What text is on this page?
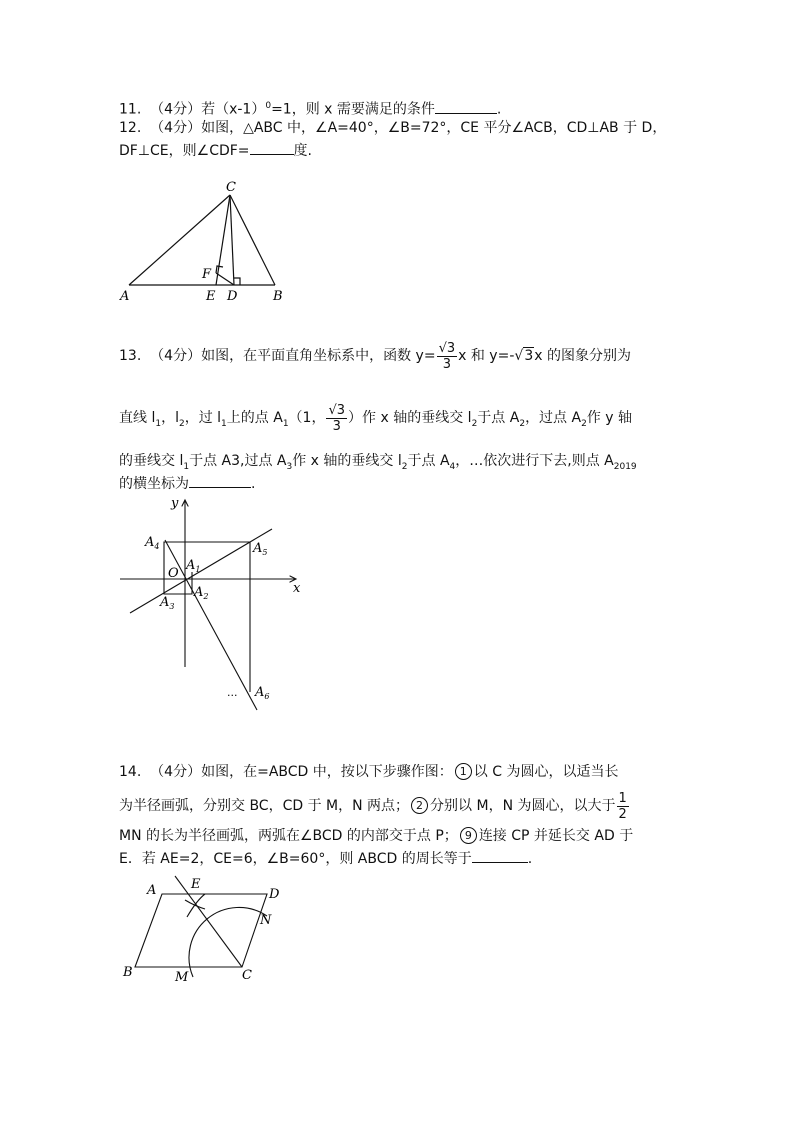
11. （4分）若$(x-1)^0=1$，则 x 需要满足的条件	.
12. （4分）如图，△ABC 中，∠A=40°，∠B=72°，CE 平分∠ACB，CD⊥AB 于 D，
DF⊥CE，则∠CDF=	度.
C
F
A	E D	B
13. （4分）如图，在平面直角坐标系中，函数 $y= \frac{√3}{3}$ x 和 y=-√3x 的图象分别为
直线 $l_1$，$l_2$，过 $l_1$上的点 $A_1(1$， $\frac{√3}{3}$ ）作 x 轴的垂线交 $l_2$于点 $A_2$，过点 $A_2$作 y 轴
的垂线交 $l_1$于点 A3,过点 $A_3$作 x 轴的垂线交 $l_2$于点 $A_4$，…依次进行下去,则点 $A_{2019}$
的横坐标为	.
y
x
O
$A_4$	$A_5$
$A_1$
$A_2$
$A_3$
$A_6$
...
14. （4分）如图，在=ABCD 中，按以下步骤作图： 1 以 C 为圆心，以适当长
为半径画弧，分别交 BC，CD 于 M，N 两点； 2 分别以 M，N 为圆心，以大于 $\frac{1}{2}$
MN 的长为半径画弧，两弧在∠BCD 的内部交于点 P； 9 连接 CP 并延长交 AD 于
E．若 AE=2，CE=6，∠B=60°，则 ABCD 的周长等于	.
A	E
D
N
B	M	C
